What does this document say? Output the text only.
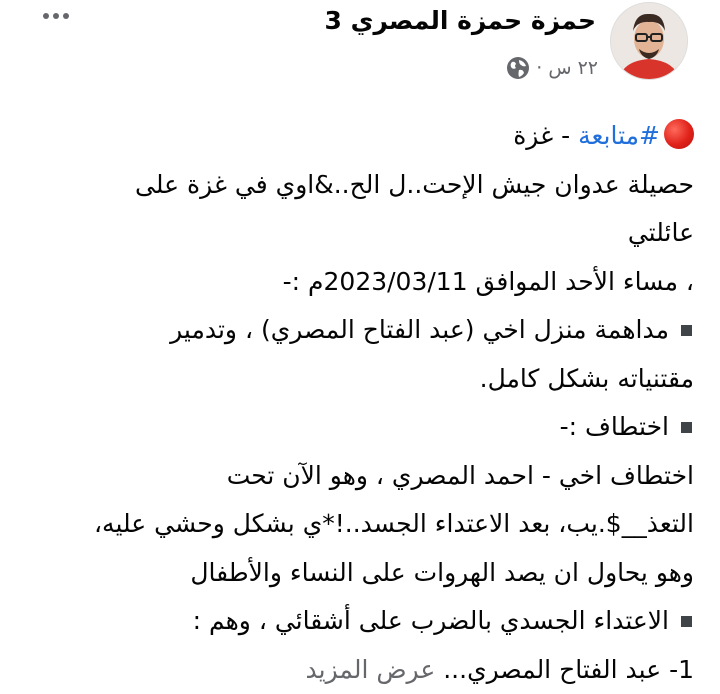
حمزة حمزة المصري 3
٢٢ س
·
#متابعة - غزة
حصيلة عدوان جيش الإحت..ل الح..&اوي في غزة على
عائلتي
، مساء الأحد الموافق 2023/03/11م :-
مداهمة منزل اخي (عبد الفتاح المصري) ، وتدمير
مقتنياته بشكل كامل.
اختطاف :-
اختطاف اخي - احمد المصري ، وهو الآن تحت
التعذ__$.يب، بعد الاعتداء الجسد..!*ي بشكل وحشي عليه،
وهو يحاول ان يصد الهروات على النساء والأطفال
الاعتداء الجسدي بالضرب على أشقائي ، وهم :
1- عبد الفتاح المصري... عرض المزيد
